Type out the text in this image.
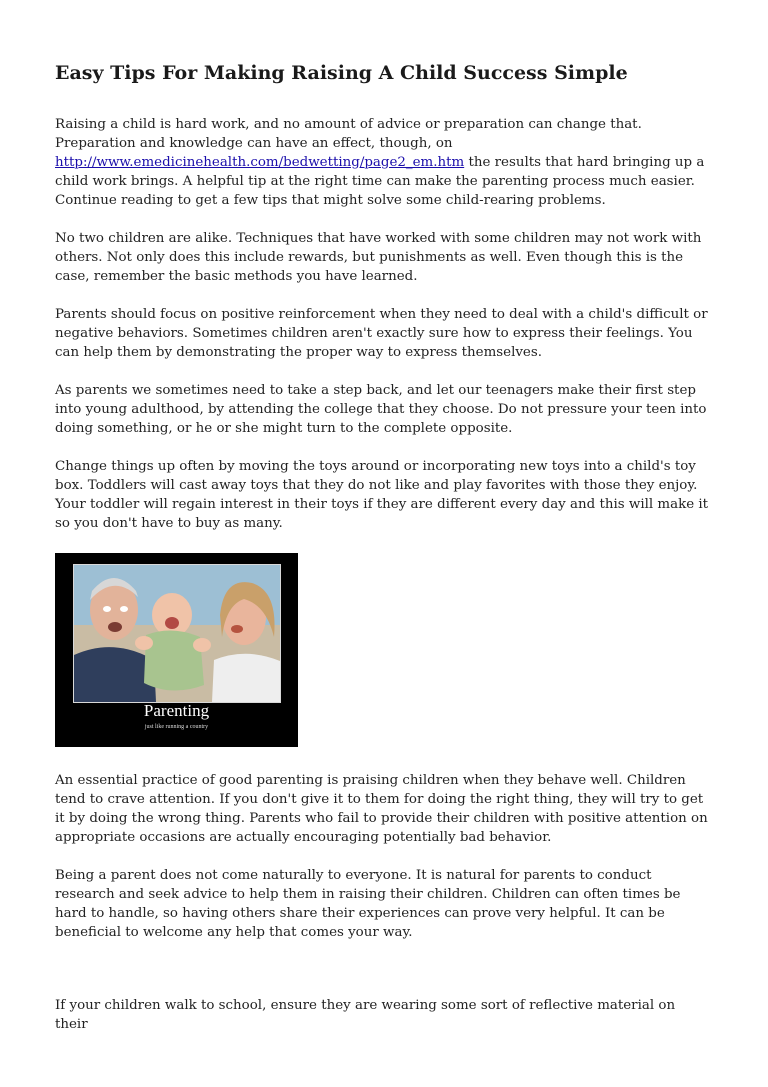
Easy Tips For Making Raising A Child Success Simple

Raising a child is hard work, and no amount of advice or preparation can change that. Preparation and knowledge can have an effect, though, on http://www.emedicinehealth.com/bedwetting/page2_em.htm the results that hard bringing up a child work brings. A helpful tip at the right time can make the parenting process much easier. Continue reading to get a few tips that might solve some child-rearing problems.

No two children are alike. Techniques that have worked with some children may not work with others. Not only does this include rewards, but punishments as well. Even though this is the case, remember the basic methods you have learned.

Parents should focus on positive reinforcement when they need to deal with a child's difficult or negative behaviors. Sometimes children aren't exactly sure how to express their feelings. You can help them by demonstrating the proper way to express themselves.

As parents we sometimes need to take a step back, and let our teenagers make their first step into young adulthood, by attending the college that they choose. Do not pressure your teen into doing something, or he or she might turn to the complete opposite.

Change things up often by moving the toys around or incorporating new toys into a child's toy box. Toddlers will cast away toys that they do not like and play favorites with those they enjoy. Your toddler will regain interest in their toys if they are different every day and this will make it so you don't have to buy as many.

Parenting
just like running a country

An essential practice of good parenting is praising children when they behave well. Children tend to crave attention. If you don't give it to them for doing the right thing, they will try to get it by doing the wrong thing. Parents who fail to provide their children with positive attention on appropriate occasions are actually encouraging potentially bad behavior.

Being a parent does not come naturally to everyone. It is natural for parents to conduct research and seek advice to help them in raising their children. Children can often times be hard to handle, so having others share their experiences can prove very helpful. It can be beneficial to welcome any help that comes your way.

If your children walk to school, ensure they are wearing some sort of reflective material on their
